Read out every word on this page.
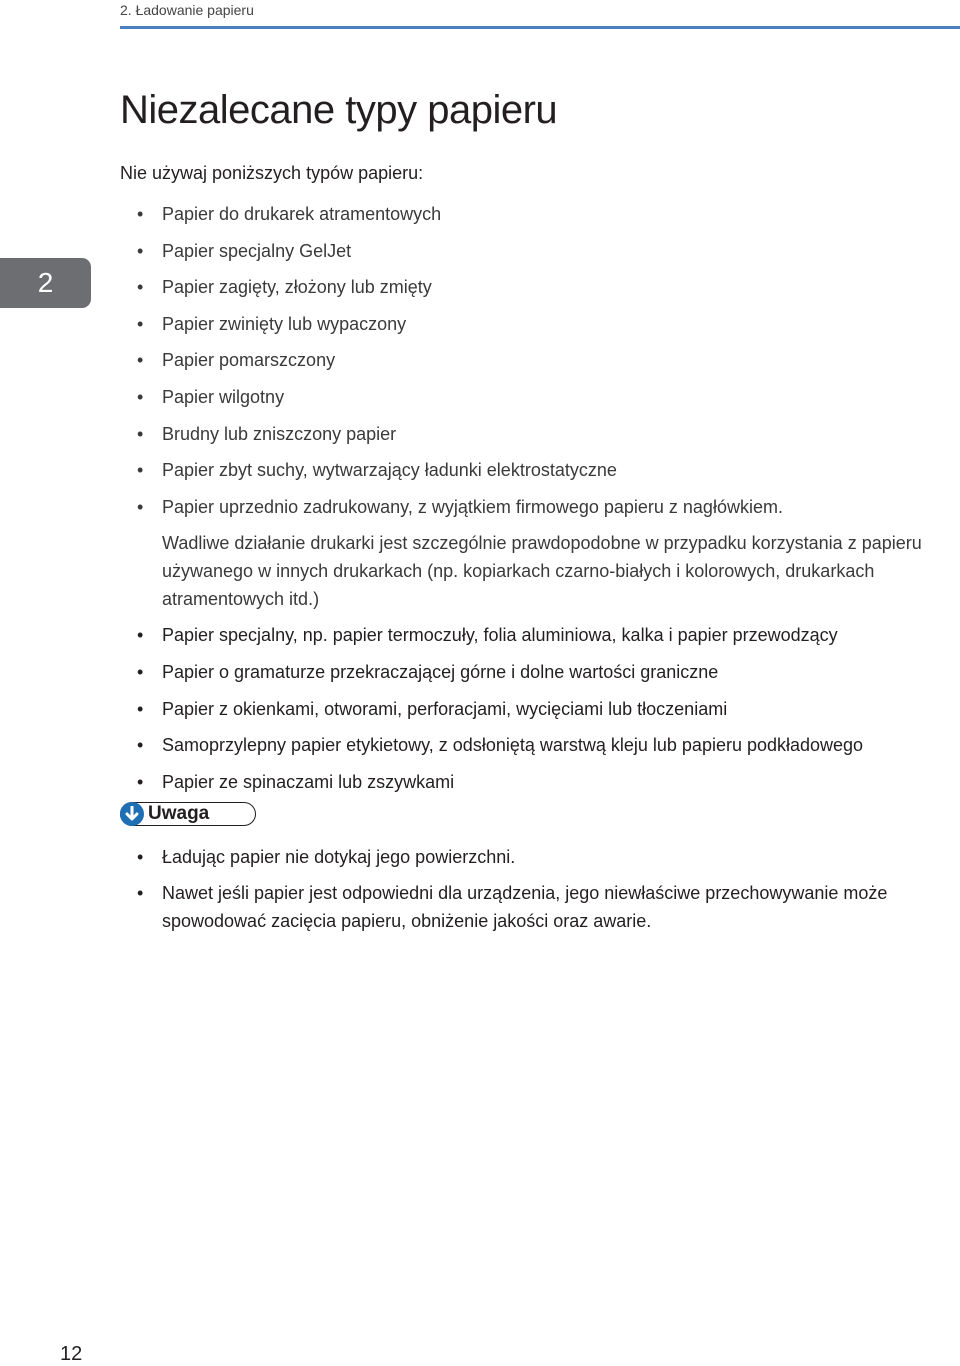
2. Ładowanie papieru
2
Niezalecane typy papieru
Nie używaj poniższych typów papieru:
• Papier do drukarek atramentowych
• Papier specjalny GelJet
• Papier zagięty, złożony lub zmięty
• Papier zwinięty lub wypaczony
• Papier pomarszczony
• Papier wilgotny
• Brudny lub zniszczony papier
• Papier zbyt suchy, wytwarzający ładunki elektrostatyczne
• Papier uprzednio zadrukowany, z wyjątkiem firmowego papieru z nagłówkiem.
Wadliwe działanie drukarki jest szczególnie prawdopodobne w przypadku korzystania z papieru używanego w innych drukarkach (np. kopiarkach czarno-białych i kolorowych, drukarkach atramentowych itd.)
• Papier specjalny, np. papier termoczuły, folia aluminiowa, kalka i papier przewodzący
• Papier o gramaturze przekraczającej górne i dolne wartości graniczne
• Papier z okienkami, otworami, perforacjami, wycięciami lub tłoczeniami
• Samoprzylepny papier etykietowy, z odsłoniętą warstwą kleju lub papieru podkładowego
• Papier ze spinaczami lub zszywkami
Uwaga
• Ładując papier nie dotykaj jego powierzchni.
• Nawet jeśli papier jest odpowiedni dla urządzenia, jego niewłaściwe przechowywanie może spowodować zacięcia papieru, obniżenie jakości oraz awarie.
12
